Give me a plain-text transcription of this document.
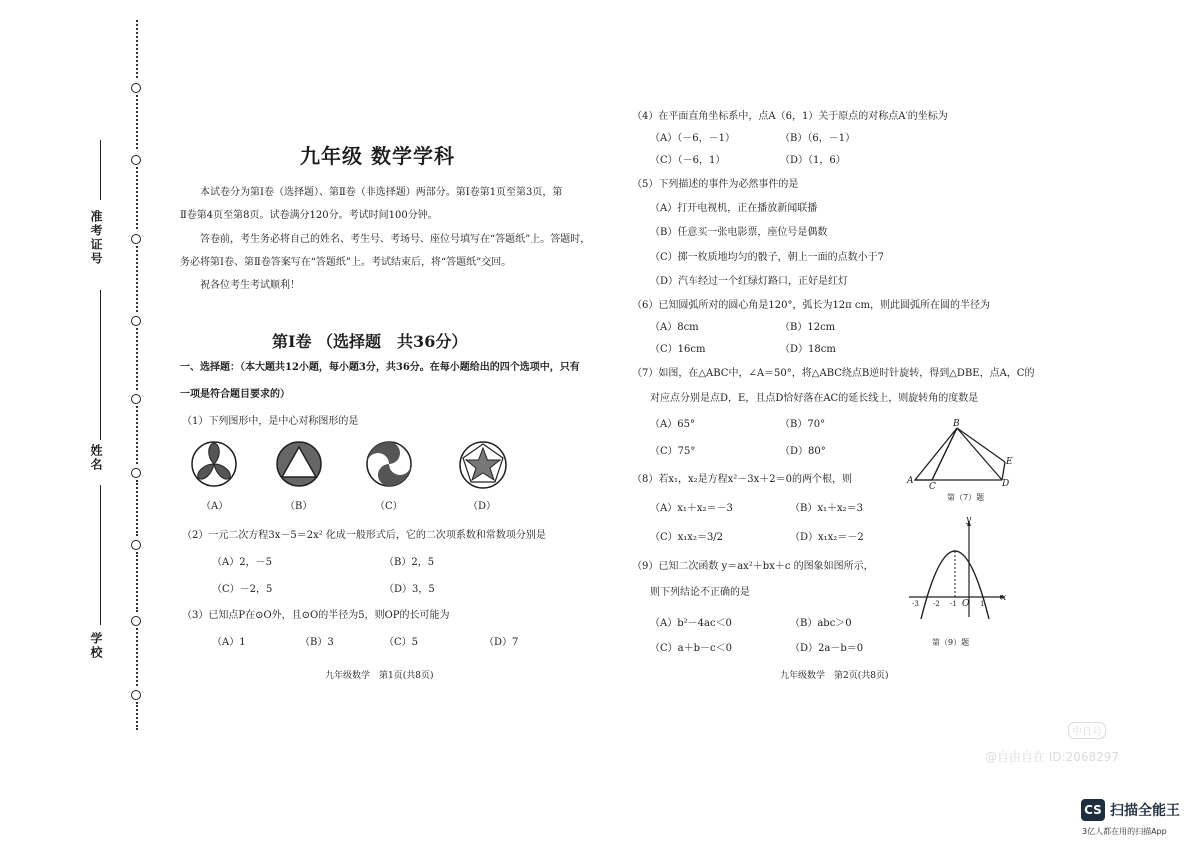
准考证号
姓名
学校
九年级 数学学科
本试卷分为第Ⅰ卷（选择题）、第Ⅱ卷（非选择题）两部分。第Ⅰ卷第1页至第3页，第
Ⅱ卷第4页至第8页。试卷满分120分。考试时间100分钟。
答卷前，考生务必将自己的姓名、考生号、考场号、座位号填写在“答题纸”上。答题时，
务必将第Ⅰ卷、第Ⅱ卷答案写在“答题纸”上。考试结束后，将“答题纸”交回。
祝各位考生考试顺利！
第Ⅰ卷 （选择题　共36分）
一、选择题：（本大题共12小题，每小题3分，共36分。在每小题给出的四个选项中，只有
一项是符合题目要求的）
（1）下列图形中，是中心对称图形的是
（A）	（B）	（C）	（D）
（2）一元二次方程3x－5＝2x² 化成一般形式后，它的二次项系数和常数项分别是
（A）2，－5	（B）2，5
（C）－2，5	（D）3，5
（3）已知点P在⊙O外，且⊙O的半径为5，则OP的长可能为
（A）1	（B）3	（C）5	（D）7
九年级数学　第1页(共8页)
（4）在平面直角坐标系中，点A（6，1）关于原点的对称点A′的坐标为
（A）（－6，－1）	（B）（6，－1）
（C）（－6，1）	（D）（1，6）
（5）下列描述的事件为必然事件的是
（A）打开电视机，正在播放新闻联播
（B）任意买一张电影票，座位号是偶数
（C）掷一枚质地均匀的骰子，朝上一面的点数小于7
（D）汽车经过一个红绿灯路口，正好是红灯
（6）已知圆弧所对的圆心角是120°，弧长为12π cm，则此圆弧所在圆的半径为
（A）8cm	（B）12cm
（C）16cm	（D）18cm
（7）如图，在△ABC中，∠A＝50°，将△ABC绕点B逆时针旋转，得到△DBE，点A，C的
对应点分别是点D，E，且点D恰好落在AC的延长线上，则旋转角的度数是
（A）65°	（B）70°
（C）75°	（D）80°
B
E
A
C	D
第（7）题
（8）若x₁，x₂是方程x²－3x＋2＝0的两个根，则
（A）x₁＋x₂＝－3	（B）x₁＋x₂＝3
（C）x₁x₂＝3/2	（D）x₁x₂＝－2
（9）已知二次函数 y＝ax²＋bx＋c 的图象如图所示，
则下列结论不正确的是
（A）b²－4ac＜0	（B）abc＞0
（C）a＋b－c＜0	（D）2a－b＝0
y
x
O
-3 -2 -1	1
第（9）题
九年级数学　第2页(共8页)
中日号
@自由自在 ID:2068297
CS 扫描全能王
3亿人都在用的扫描App
